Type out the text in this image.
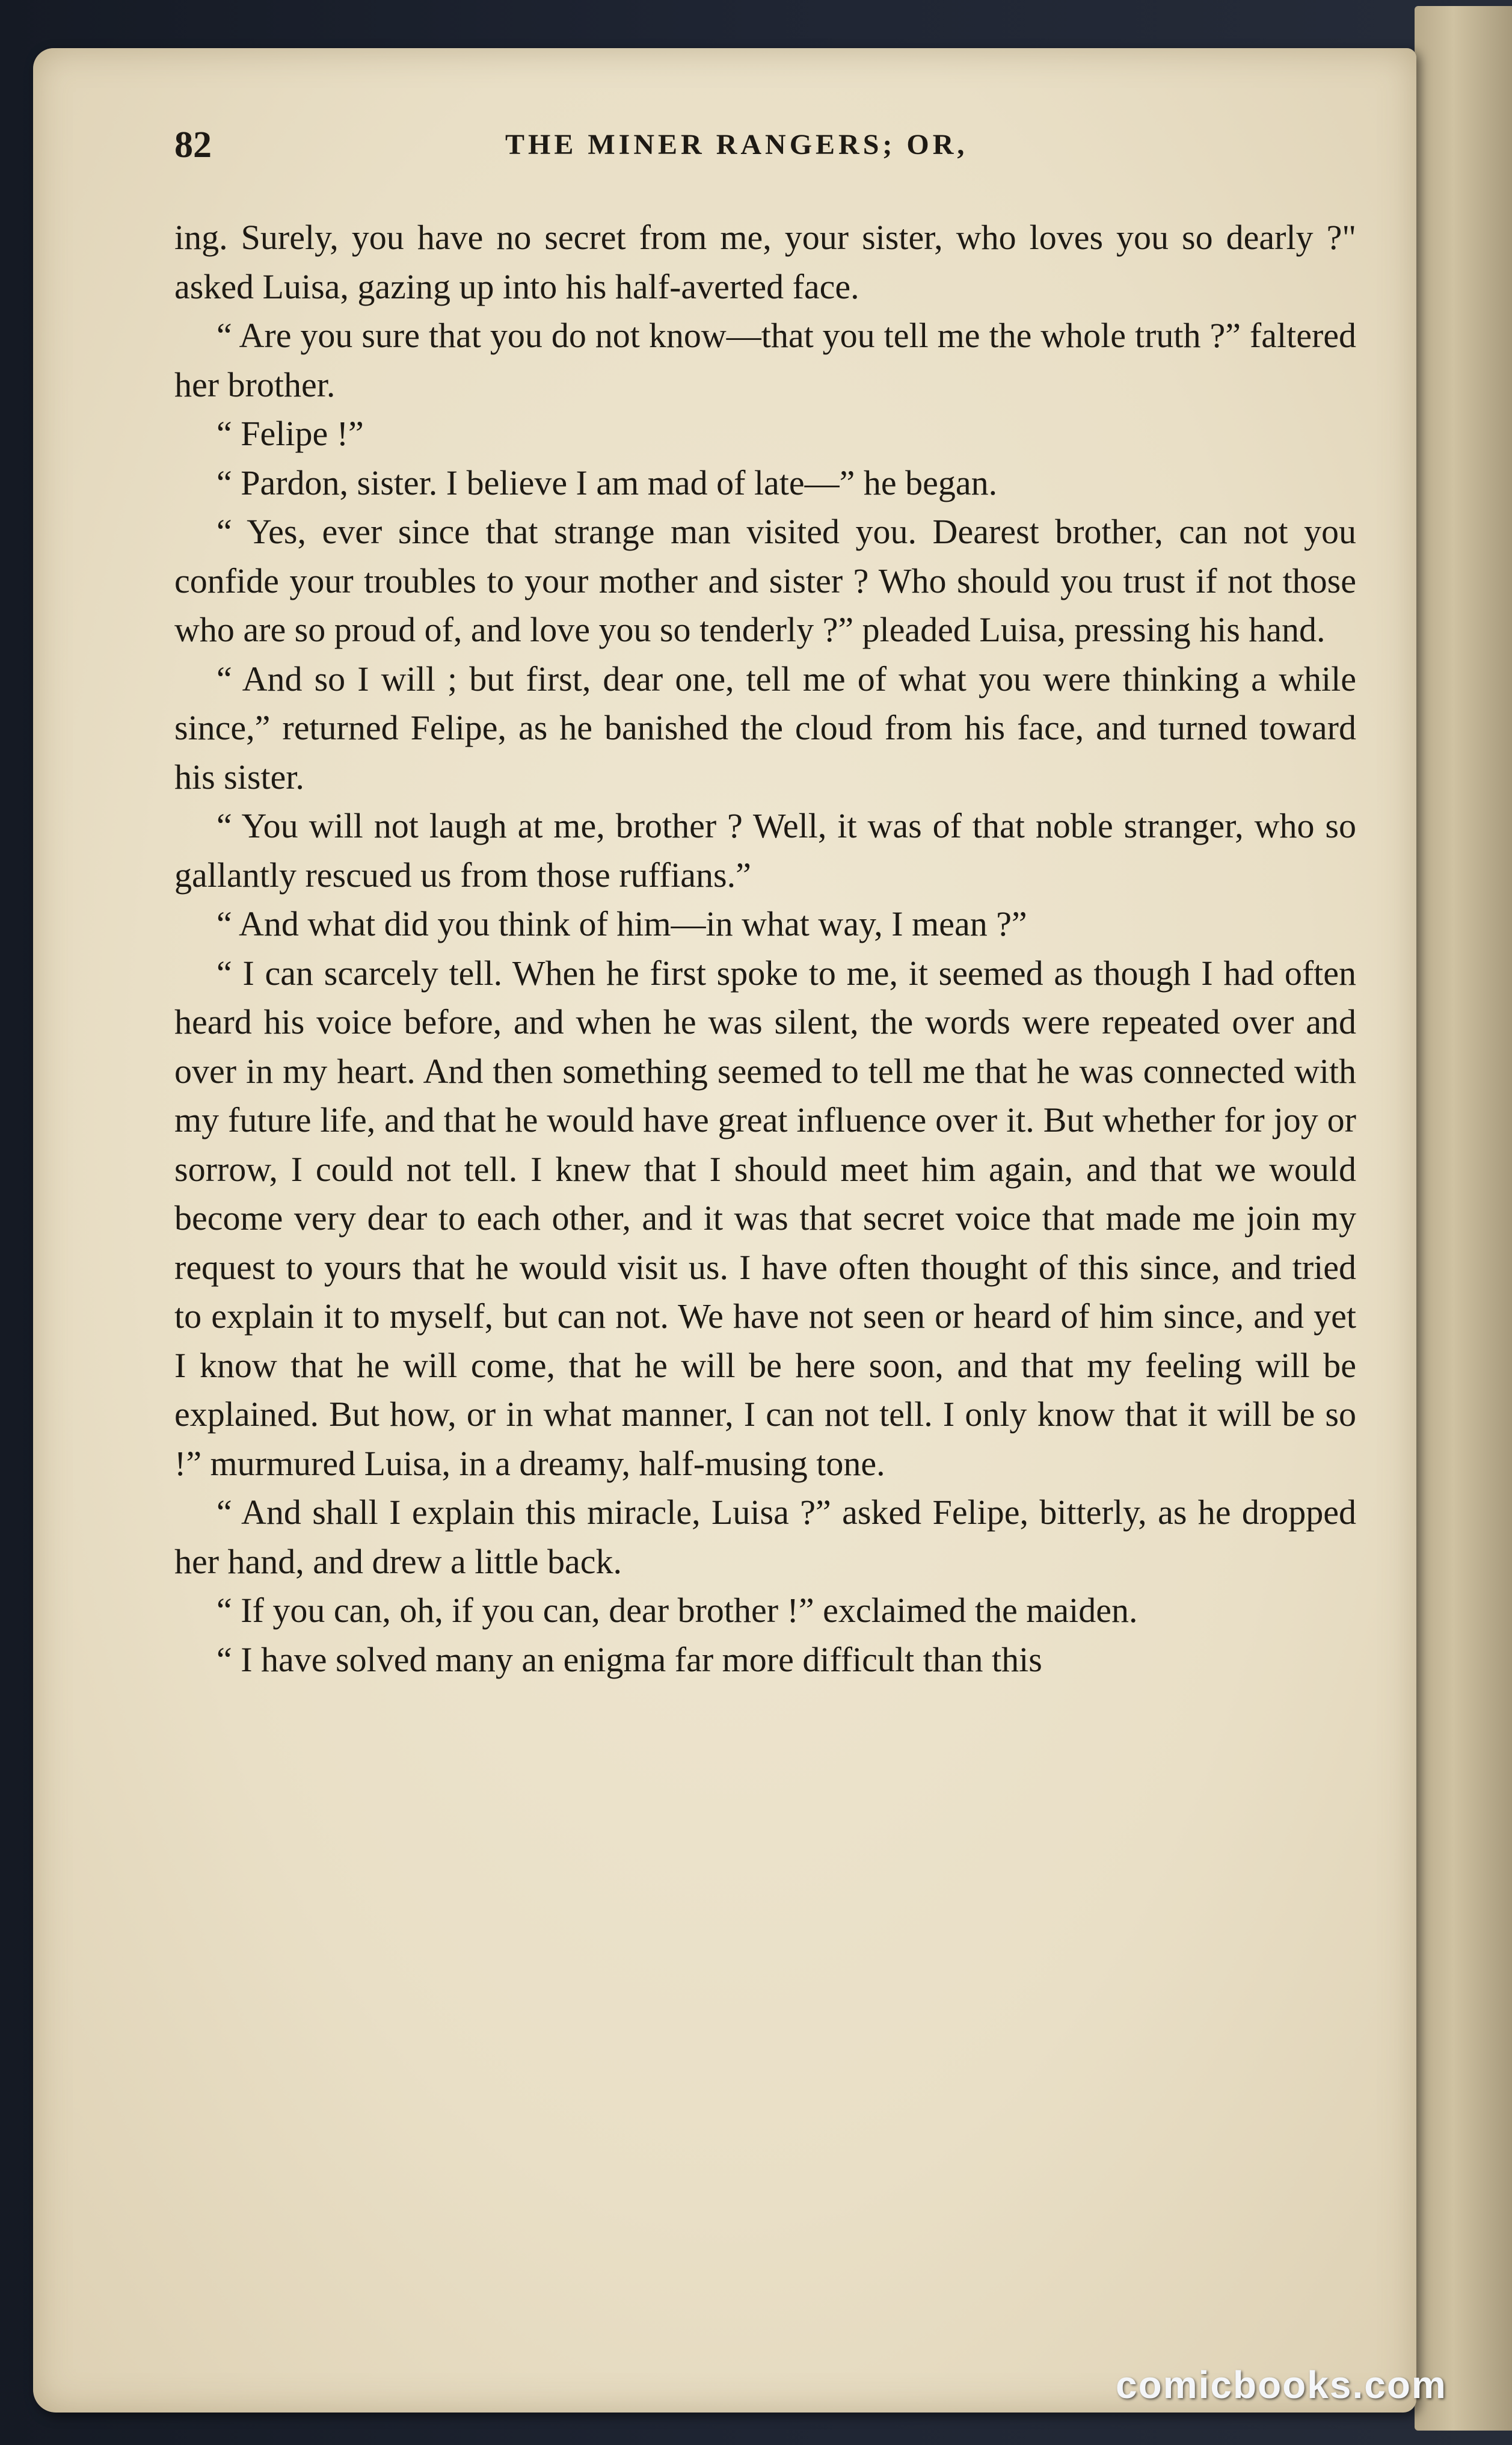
82	THE MINER RANGERS; OR,

ing. Surely, you have no secret from me, your sister, who loves you so dearly ?" asked Luisa, gazing up into his half-averted face.

“ Are you sure that you do not know—that you tell me the whole truth ?” faltered her brother.

“ Felipe !”

“ Pardon, sister. I believe I am mad of late—” he began.

“ Yes, ever since that strange man visited you. Dearest brother, can not you confide your troubles to your mother and sister ? Who should you trust if not those who are so proud of, and love you so tenderly ?” pleaded Luisa, pressing his hand.

“ And so I will ; but first, dear one, tell me of what you were thinking a while since,” returned Felipe, as he banished the cloud from his face, and turned toward his sister.

“ You will not laugh at me, brother ? Well, it was of that noble stranger, who so gallantly rescued us from those ruffians.”

“ And what did you think of him—in what way, I mean ?”

“ I can scarcely tell. When he first spoke to me, it seemed as though I had often heard his voice before, and when he was silent, the words were repeated over and over in my heart. And then something seemed to tell me that he was connected with my future life, and that he would have great influence over it. But whether for joy or sorrow, I could not tell. I knew that I should meet him again, and that we would become very dear to each other, and it was that secret voice that made me join my request to yours that he would visit us. I have often thought of this since, and tried to explain it to myself, but can not. We have not seen or heard of him since, and yet I know that he will come, that he will be here soon, and that my feeling will be explained. But how, or in what manner, I can not tell. I only know that it will be so !” murmured Luisa, in a dreamy, half-musing tone.

“ And shall I explain this miracle, Luisa ?” asked Felipe, bitterly, as he dropped her hand, and drew a little back.

“ If you can, oh, if you can, dear brother !” exclaimed the maiden.

“ I have solved many an enigma far more difficult than this

comicbooks.com
